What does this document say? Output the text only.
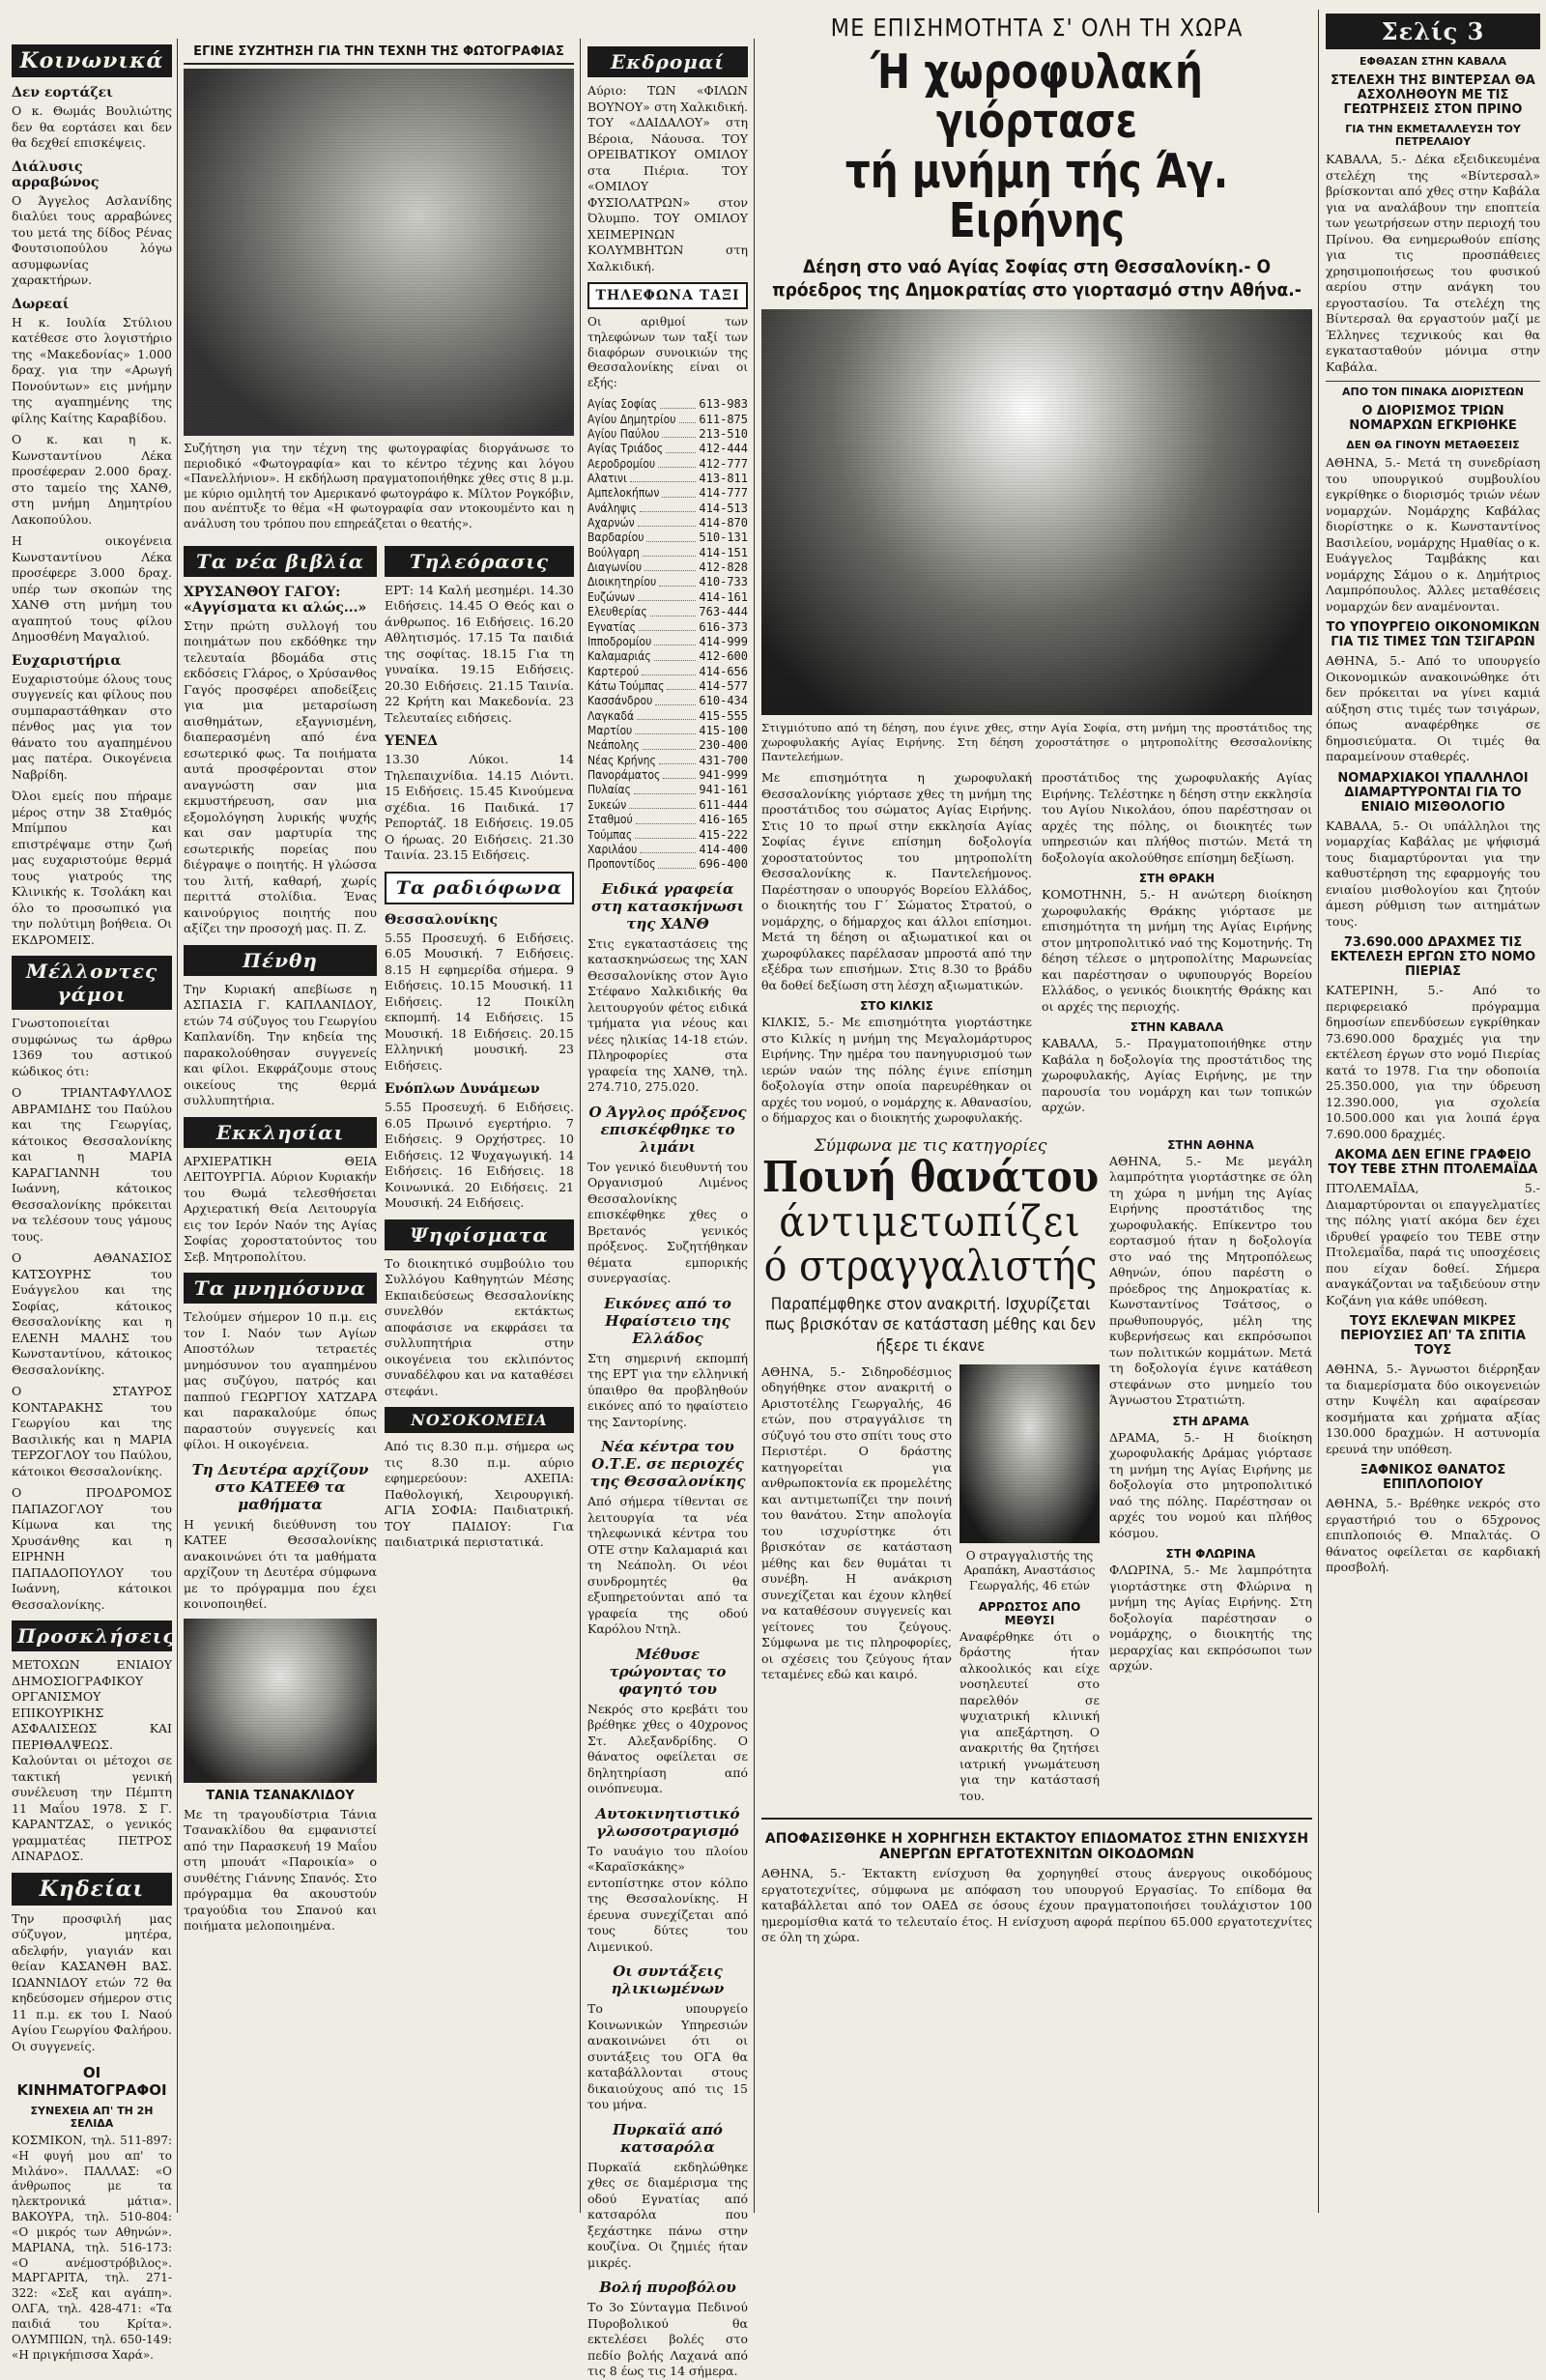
Κοινωνικά
Δεν εορτάζει

Ο κ. Θωμάς Βουλιώτης δεν θα εορτάσει και δεν θα δεχθεί επισκέψεις.

Διάλυσις αρραβώνος

Ο Άγγελος Ασλανίδης διαλύει τους αρραβώνες του μετά της δίδος Ρένας Φουτσιοπούλου λόγω ασυμφωνίας χαρακτήρων.

Δωρεαί

Η κ. Ιουλία Στύλιου κατέθεσε στο λογιστήριο της «Μακεδονίας» 1.000 δραχ. για την «Αρωγή Πονούντων» εις μνήμην της αγαπημένης της φίλης Καίτης Καραβίδου.

Ο κ. και η κ. Κωνσταντίνου Λέκα προσέφεραν 2.000 δραχ. στο ταμείο της ΧΑΝΘ, στη μνήμη Δημητρίου Λακοπούλου.

Η οικογένεια Κωνσταντίνου Λέκα προσέφερε 3.000 δραχ. υπέρ των σκοπών της ΧΑΝΘ στη μνήμη του αγαπητού τους φίλου Δημοσθένη Μαγαλιού.

Ευχαριστήρια

Ευχαριστούμε όλους τους συγγενείς και φίλους που συμπαραστάθηκαν στο πένθος μας για τον θάνατο του αγαπημένου μας πατέρα. Οικογένεια Ναβρίδη.

Όλοι εμείς που πήραμε μέρος στην 38 Σταθμός Μπίμπου και επιστρέψαμε στην ζωή μας ευχαριστούμε θερμά τους γιατρούς της Κλινικής κ. Τσολάκη και όλο το προσωπικό για την πολύτιμη βοήθεια. Οι ΕΚΔΡΟΜΕΙΣ.

Μέλλοντες γάμοι

Γνωστοποιείται συμφώνως τω άρθρω 1369 του αστικού κώδικος ότι:

Ο ΤΡΙΑΝΤΑΦΥΛΛΟΣ ΑΒΡΑΜΙΔΗΣ του Παύλου και της Γεωργίας, κάτοικος Θεσσαλονίκης και η ΜΑΡΙΑ ΚΑΡΑΓΙΑΝΝΗ του Ιωάννη, κάτοικος Θεσσαλονίκης πρόκειται να τελέσουν τους γάμους τους.

Ο ΑΘΑΝΑΣΙΟΣ ΚΑΤΣΟΥΡΗΣ του Ευάγγελου και της Σοφίας, κάτοικος Θεσσαλονίκης και η ΕΛΕΝΗ ΜΑΛΗΣ του Κωνσταντίνου, κάτοικος Θεσσαλονίκης.

Ο ΣΤΑΥΡΟΣ ΚΟΝΤΑΡΑΚΗΣ του Γεωργίου και της Βασιλικής και η ΜΑΡΙΑ ΤΕΡΖΟΓΛΟΥ του Παύλου, κάτοικοι Θεσσαλονίκης.

Ο ΠΡΟΔΡΟΜΟΣ ΠΑΠΑΖΟΓΛΟΥ του Κίμωνα και της Χρυσάνθης και η ΕΙΡΗΝΗ ΠΑΠΑΔΟΠΟΥΛΟΥ του Ιωάννη, κάτοικοι Θεσσαλονίκης.

Προσκλήσεις

ΜΕΤΟΧΩΝ ΕΝΙΑΙΟΥ ΔΗΜΟΣΙΟΓΡΑΦΙΚΟΥ ΟΡΓΑΝΙΣΜΟΥ ΕΠΙΚΟΥΡΙΚΗΣ ΑΣΦΑΛΙΣΕΩΣ ΚΑΙ ΠΕΡΙΘΑΛΨΕΩΣ. Καλούνται οι μέτοχοι σε τακτική γενική συνέλευση την Πέμπτη 11 Μαΐου 1978. Σ Γ. ΚΑΡΑΝΤΖΑΣ, ο γενικός γραμματέας ΠΕΤΡΟΣ ΛΙΝΑΡΔΟΣ.

Κηδείαι

Την προσφιλή μας σύζυγον, μητέρα, αδελφήν, γιαγιάν και θείαν ΚΑΣΑΝΘΗ ΒΑΣ. ΙΩΑΝΝΙΔΟΥ ετών 72 θα κηδεύσομεν σήμερον στις 11 π.μ. εκ του Ι. Ναού Αγίου Γεωργίου Φαλήρου. Οι συγγενείς.

ΟΙ ΚΙΝΗΜΑΤΟΓΡΑΦΟΙ
ΣΥΝΕΧΕΙΑ ΑΠ' ΤΗ 2Η ΣΕΛΙΔΑ

ΚΟΣΜΙΚΟΝ, τηλ. 511-897: «Η φυγή μου απ' το Μιλάνο». ΠΑΛΛΑΣ: «Ο άνθρωπος με τα ηλεκτρονικά μάτια». ΒΑΚΟΥΡΑ, τηλ. 510-804: «Ο μικρός των Αθηνών». ΜΑΡΙΑΝΑ, τηλ. 516-173: «Ο ανέμοστρόβιλος». ΜΑΡΓΑΡΙΤΑ, τηλ. 271-322: «Σεξ και αγάπη». ΟΛΓΑ, τηλ. 428-471: «Τα παιδιά του Κρίτα». ΟΛΥΜΠΙΩΝ, τηλ. 650-149: «Η πριγκήπισσα Χαρά».

ΕΓΙΝΕ ΣΥΖΗΤΗΣΗ ΓΙΑ ΤΗΝ ΤΕΧΝΗ ΤΗΣ ΦΩΤΟΓΡΑΦΙΑΣ

Συζήτηση για την τέχνη της φωτογραφίας διοργάνωσε το περιοδικό «Φωτογραφία» και το κέντρο τέχνης και λόγου «Πανελλήνιον». Η εκδήλωση πραγματοποιήθηκε χθες στις 8 μ.μ. με κύριο ομιλητή τον Αμερικανό φωτογράφο κ. Μίλτον Ρογκόβιν, που ανέπτυξε το θέμα «Η φωτογραφία σαν ντοκουμέντο και η ανάλυση του τρόπου που επηρεάζεται ο θεατής».

Τα νέα βιβλία
ΧΡΥΣΑΝΘΟΥ ΓΑΓΟΥ: «Αγγίσματα κι αλώς...»

Στην πρώτη συλλογή του ποιημάτων που εκδόθηκε την τελευταία βδομάδα στις εκδόσεις Γλάρος, ο Χρύσανθος Γαγός προσφέρει αποδείξεις για μια μεταρσίωση αισθημάτων, εξαγνισμένη, διαπερασμένη από ένα εσωτερικό φως. Τα ποιήματα αυτά προσφέρονται στον αναγνώστη σαν μια εκμυστήρευση, σαν μια εξομολόγηση λυρικής ψυχής και σαν μαρτυρία της εσωτερικής πορείας που διέγραψε ο ποιητής. Η γλώσσα του λιτή, καθαρή, χωρίς περιττά στολίδια. Ένας καινούργιος ποιητής που αξίζει την προσοχή μας. Π. Ζ.

Πένθη

Την Κυριακή απεβίωσε η ΑΣΠΑΣΙΑ Γ. ΚΑΠΛΑΝΙΔΟΥ, ετών 74 σύζυγος του Γεωργίου Καπλανίδη. Την κηδεία της παρακολούθησαν συγγενείς και φίλοι. Εκφράζουμε στους οικείους της θερμά συλλυπητήρια.

Εκκλησίαι

ΑΡΧΙΕΡΑΤΙΚΗ ΘΕΙΑ ΛΕΙΤΟΥΡΓΙΑ. Αύριον Κυριακήν του Θωμά τελεσθήσεται Αρχιερατική Θεία Λειτουργία εις τον Ιερόν Ναόν της Αγίας Σοφίας χοροστατούντος του Σεβ. Μητροπολίτου.

Τα μνημόσυνα

Τελούμεν σήμερον 10 π.μ. εις τον Ι. Ναόν των Αγίων Αποστόλων τετραετές μνημόσυνον του αγαπημένου μας συζύγου, πατρός και παππού ΓΕΩΡΓΙΟΥ ΧΑΤΖΑΡΑ και παρακαλούμε όπως παραστούν συγγενείς και φίλοι. Η οικογένεια.

Τη Δευτέρα αρχίζουν στο ΚΑΤΕΕΘ τα μαθήματα

Η γενική διεύθυνση του ΚΑΤΕΕ Θεσσαλονίκης ανακοινώνει ότι τα μαθήματα αρχίζουν τη Δευτέρα σύμφωνα με το πρόγραμμα που έχει κοινοποιηθεί.

ΤΑΝΙΑ ΤΣΑΝΑΚΛΙΔΟΥ

Με τη τραγουδίστρια Τάνια Τσανακλίδου θα εμφανιστεί από την Παρασκευή 19 Μαΐου στη μπουάτ «Παροικία» ο συνθέτης Γιάννης Σπανός. Στο πρόγραμμα θα ακουστούν τραγούδια του Σπανού και ποιήματα μελοποιημένα.

Τηλεόρασις

ΕΡΤ: 14 Καλή μεσημέρι. 14.30 Ειδήσεις. 14.45 Ο Θεός και ο άνθρωπος. 16 Ειδήσεις. 16.20 Αθλητισμός. 17.15 Τα παιδιά της σοφίτας. 18.15 Για τη γυναίκα. 19.15 Ειδήσεις. 20.30 Ειδήσεις. 21.15 Ταινία. 22 Κρήτη και Μακεδονία. 23 Τελευταίες ειδήσεις.

ΥΕΝΕΔ

13.30 Λύκοι. 14 Τηλεπαιχνίδια. 14.15 Λιόντι. 15 Ειδήσεις. 15.45 Κινούμενα σχέδια. 16 Παιδικά. 17 Ρεπορτάζ. 18 Ειδήσεις. 19.05 Ο ήρωας. 20 Ειδήσεις. 21.30 Ταινία. 23.15 Ειδήσεις.

Τα ραδιόφωνα
Θεσσαλονίκης

5.55 Προσευχή. 6 Ειδήσεις. 6.05 Μουσική. 7 Ειδήσεις. 8.15 Η εφημερίδα σήμερα. 9 Ειδήσεις. 10.15 Μουσική. 11 Ειδήσεις. 12 Ποικίλη εκπομπή. 14 Ειδήσεις. 15 Μουσική. 18 Ειδήσεις. 20.15 Ελληνική μουσική. 23 Ειδήσεις.

Ενόπλων Δυνάμεων

5.55 Προσευχή. 6 Ειδήσεις. 6.05 Πρωινό εγερτήριο. 7 Ειδήσεις. 9 Ορχήστρες. 10 Ειδήσεις. 12 Ψυχαγωγική. 14 Ειδήσεις. 16 Ειδήσεις. 18 Κοινωνικά. 20 Ειδήσεις. 21 Μουσική. 24 Ειδήσεις.

Ψηφίσματα

Το διοικητικό συμβούλιο του Συλλόγου Καθηγητών Μέσης Εκπαιδεύσεως Θεσσαλονίκης συνελθόν εκτάκτως αποφάσισε να εκφράσει τα συλλυπητήρια στην οικογένεια του εκλιπόντος συναδέλφου και να καταθέσει στεφάνι.

ΝΟΣΟΚΟΜΕΙΑ

Από τις 8.30 π.μ. σήμερα ως τις 8.30 π.μ. αύριο εφημερεύουν: ΑΧΕΠΑ: Παθολογική, Χειρουργική. ΑΓΙΑ ΣΟΦΙΑ: Παιδιατρική. ΤΟΥ ΠΑΙΔΙΟΥ: Για παιδιατρικά περιστατικά.

Εκδρομαί

Αύριο: ΤΩΝ «ΦΙΛΩΝ ΒΟΥΝΟΥ» στη Χαλκιδική. ΤΟΥ «ΔΑΙΔΑΛΟΥ» στη Βέροια, Νάουσα. ΤΟΥ ΟΡΕΙΒΑΤΙΚΟΥ ΟΜΙΛΟΥ στα Πιέρια. ΤΟΥ «ΟΜΙΛΟΥ ΦΥΣΙΟΛΑΤΡΩΝ» στον Όλυμπο. ΤΟΥ ΟΜΙΛΟΥ ΧΕΙΜΕΡΙΝΩΝ ΚΟΛΥΜΒΗΤΩΝ στη Χαλκιδική.

ΤΗΛΕΦΩΝΑ ΤΑΞΙ

Οι αριθμοί των τηλεφώνων των ταξί των διαφόρων συνοικιών της Θεσσαλονίκης είναι οι εξής:

Αγίας Σοφίας	613-983
Αγίου Δημητρίου 611-875
Αγίου Παύλου	213-510
Αγίας Τριάδος	412-444
Αεροδρομίου	412-777
Αλατινι	413-811
Αμπελοκήπων	414-777
Ανάληψις	414-513
Αχαρνών	414-870
Βαρδαρίου	510-131
Βούλγαρη	414-151
Διαγωνίου	412-828
Διοικητηρίου	410-733
Ευζώνων	414-161
Ελευθερίας	763-444
Εγνατίας	616-373
Ιπποδρομίου	414-999
Καλαμαριάς	412-600
Καρτερού	414-656
Κάτω Τούμπας	414-577
Κασσάνδρου	610-434
Λαγκαδά	415-555
Μαρτίου	415-100
Νεάπολης	230-400
Νέας Κρήνης	431-700
Πανοράματος	941-999
Πυλαίας	941-161
Συκεών	611-444
Σταθμού	416-165
Τούμπας	415-222
Χαριλάου	414-400
Προποντίδος	696-400
Ειδικά γραφεία στη κατασκήνωσι της ΧΑΝΘ

Στις εγκαταστάσεις της κατασκηνώσεως της ΧΑΝ Θεσσαλονίκης στον Άγιο Στέφανο Χαλκιδικής θα λειτουργούν φέτος ειδικά τμήματα για νέους και νέες ηλικίας 14-18 ετών. Πληροφορίες στα γραφεία της ΧΑΝΘ, τηλ. 274.710, 275.020.

Ο Άγγλος πρόξενος επισκέφθηκε το λιμάνι

Τον γενικό διευθυντή του Οργανισμού Λιμένος Θεσσαλονίκης επισκέφθηκε χθες ο Βρετανός γενικός πρόξενος. Συζητήθηκαν θέματα εμπορικής συνεργασίας.

Εικόνες από το Ηφαίστειο της Ελλάδος

Στη σημερινή εκπομπή της ΕΡΤ για την ελληνική ύπαιθρο θα προβληθούν εικόνες από το ηφαίστειο της Σαντορίνης.

Νέα κέντρα του Ο.Τ.Ε. σε περιοχές της Θεσσαλονίκης

Από σήμερα τίθενται σε λειτουργία τα νέα τηλεφωνικά κέντρα του ΟΤΕ στην Καλαμαριά και τη Νεάπολη. Οι νέοι συνδρομητές θα εξυπηρετούνται από τα γραφεία της οδού Καρόλου Ντηλ.

Μέθυσε τρώγοντας το φαγητό του

Νεκρός στο κρεβάτι του βρέθηκε χθες ο 40χρονος Στ. Αλεξανδρίδης. Ο θάνατος οφείλεται σε δηλητηρίαση από οινόπνευμα.

Αυτοκινητιστικό γλωσσοτραγισμό

Το ναυάγιο του πλοίου «Καραϊσκάκης» εντοπίστηκε στον κόλπο της Θεσσαλονίκης. Η έρευνα συνεχίζεται από τους δύτες του Λιμενικού.

Οι συντάξεις ηλικιωμένων

Το υπουργείο Κοινωνικών Υπηρεσιών ανακοινώνει ότι οι συντάξεις του ΟΓΑ θα καταβάλλονται στους δικαιούχους από τις 15 του μήνα.

Πυρκαϊά από κατσαρόλα

Πυρκαϊά εκδηλώθηκε χθες σε διαμέρισμα της οδού Εγνατίας από κατσαρόλα που ξεχάστηκε πάνω στην κουζίνα. Οι ζημιές ήταν μικρές.

Βολή πυροβόλου

Το 3ο Σύνταγμα Πεδινού Πυροβολικού θα εκτελέσει βολές στο πεδίο βολής Λαχανά από τις 8 έως τις 14 σήμερα.

ΜΕ ΕΠΙΣΗΜΟΤΗΤΑ Σ' ΟΛΗ ΤΗ ΧΩΡΑ
Ή χωροφυλακή γιόρτασε
τή μνήμη τής Άγ. Ειρήνης
Δέηση στο ναό Αγίας Σοφίας στη Θεσσαλονίκη.- Ο πρόεδρος της Δημοκρατίας στο γιορτασμό στην Αθήνα.-

Στιγμιότυπο από τη δέηση, που έγινε χθες, στην Αγία Σοφία, στη μνήμη της προστάτιδος της χωροφυλακής Αγίας Ειρήνης. Στη δέηση χοροστάτησε ο μητροπολίτης Θεσσαλονίκης Παντελεήμων.

Με επισημότητα η χωροφυλακή Θεσσαλονίκης γιόρτασε χθες τη μνήμη της προστάτιδος του σώματος Αγίας Ειρήνης. Στις 10 το πρωί στην εκκλησία Αγίας Σοφίας έγινε επίσημη δοξολογία χοροστατούντος του μητροπολίτη Θεσσαλονίκης κ. Παντελεήμονος. Παρέστησαν ο υπουργός Βορείου Ελλάδος, ο διοικητής του Γ΄ Σώματος Στρατού, ο νομάρχης, ο δήμαρχος και άλλοι επίσημοι. Μετά τη δέηση οι αξιωματικοί και οι χωροφύλακες παρέλασαν μπροστά από την εξέδρα των επισήμων. Στις 8.30 το βράδυ θα δοθεί δεξίωση στη λέσχη αξιωματικών.

ΣΤΟ ΚΙΛΚΙΣ

ΚΙΛΚΙΣ, 5.- Με επισημότητα γιορτάστηκε στο Κιλκίς η μνήμη της Μεγαλομάρτυρος Ειρήνης. Την ημέρα του πανηγυρισμού των ιερών ναών της πόλης έγινε επίσημη δοξολογία στην οποία παρευρέθηκαν οι αρχές του νομού, ο νομάρχης κ. Αθανασίου, ο δήμαρχος και ο διοικητής χωροφυλακής.

προστάτιδος της χωροφυλακής Αγίας Ειρήνης. Τελέστηκε η δέηση στην εκκλησία του Αγίου Νικολάου, όπου παρέστησαν οι αρχές της πόλης, οι διοικητές των υπηρεσιών και πλήθος πιστών. Μετά τη δοξολογία ακολούθησε επίσημη δεξίωση.

ΣΤΗ ΘΡΑΚΗ

ΚΟΜΟΤΗΝΗ, 5.- Η ανώτερη διοίκηση χωροφυλακής Θράκης γιόρτασε με επισημότητα τη μνήμη της Αγίας Ειρήνης στον μητροπολιτικό ναό της Κομοτηνής. Τη δέηση τέλεσε ο μητροπολίτης Μαρωνείας και παρέστησαν ο υφυπουργός Βορείου Ελλάδος, ο γενικός διοικητής Θράκης και οι αρχές της περιοχής.

ΣΤΗΝ ΚΑΒΑΛΑ

ΚΑΒΑΛΑ, 5.- Πραγματοποιήθηκε στην Καβάλα η δοξολογία της προστάτιδος της χωροφυλακής, Αγίας Ειρήνης, με την παρουσία του νομάρχη και των τοπικών αρχών.

Σύμφωνα με τις κατηγορίες
Ποινή θανάτου
άντιμετωπίζει
ό στραγγαλιστής
Παραπέμφθηκε στον ανακριτή. Ισχυρίζεται πως βρισκόταν σε κατάσταση μέθης και δεν ήξερε τι έκανε

ΑΘΗΝΑ, 5.- Σιδηροδέσμιος οδηγήθηκε στον ανακριτή ο Αριστοτέλης Γεωργαλής, 46 ετών, που στραγγάλισε τη σύζυγό του στο σπίτι τους στο Περιστέρι. Ο δράστης κατηγορείται για ανθρωποκτονία εκ προμελέτης και αντιμετωπίζει την ποινή του θανάτου. Στην απολογία του ισχυρίστηκε ότι βρισκόταν σε κατάσταση μέθης και δεν θυμάται τι συνέβη. Η ανάκριση συνεχίζεται και έχουν κληθεί να καταθέσουν συγγενείς και γείτονες του ζεύγους. Σύμφωνα με τις πληροφορίες, οι σχέσεις του ζεύγους ήταν τεταμένες εδώ και καιρό.

Ο στραγγαλιστής της Αραπάκη, Αναστάσιος Γεωργαλής, 46 ετών

ΑΡΡΩΣΤΟΣ ΑΠΟ ΜΕΘΥΣΙ

Αναφέρθηκε ότι ο δράστης ήταν αλκοολικός και είχε νοσηλευτεί στο παρελθόν σε ψυχιατρική κλινική για απεξάρτηση. Ο ανακριτής θα ζητήσει ιατρική γνωμάτευση για την κατάστασή του.

ΣΤΗΝ ΑΘΗΝΑ

ΑΘΗΝΑ, 5.- Με μεγάλη λαμπρότητα γιορτάστηκε σε όλη τη χώρα η μνήμη της Αγίας Ειρήνης προστάτιδος της χωροφυλακής. Επίκεντρο του εορτασμού ήταν η δοξολογία στο ναό της Μητροπόλεως Αθηνών, όπου παρέστη ο πρόεδρος της Δημοκρατίας κ. Κωνσταντίνος Τσάτσος, ο πρωθυπουργός, μέλη της κυβερνήσεως και εκπρόσωποι των πολιτικών κομμάτων. Μετά τη δοξολογία έγινε κατάθεση στεφάνων στο μνημείο του Άγνωστου Στρατιώτη.

ΣΤΗ ΔΡΑΜΑ

ΔΡΑΜΑ, 5.- Η διοίκηση χωροφυλακής Δράμας γιόρτασε τη μνήμη της Αγίας Ειρήνης με δοξολογία στο μητροπολιτικό ναό της πόλης. Παρέστησαν οι αρχές του νομού και πλήθος κόσμου.

ΣΤΗ ΦΛΩΡΙΝΑ

ΦΛΩΡΙΝΑ, 5.- Με λαμπρότητα γιορτάστηκε στη Φλώρινα η μνήμη της Αγίας Ειρήνης. Στη δοξολογία παρέστησαν ο νομάρχης, ο διοικητής της μεραρχίας και εκπρόσωποι των αρχών.

ΑΠΟΦΑΣΙΣΘΗΚΕ Η ΧΟΡΗΓΗΣΗ ΕΚΤΑΚΤΟΥ ΕΠΙΔΟΜΑΤΟΣ ΣΤΗΝ ΕΝΙΣΧΥΣΗ ΑΝΕΡΓΩΝ ΕΡΓΑΤΟΤΕΧΝΙΤΩΝ ΟΙΚΟΔΟΜΩΝ

ΑΘΗΝΑ, 5.- Έκτακτη ενίσχυση θα χορηγηθεί στους άνεργους οικοδόμους εργατοτεχνίτες, σύμφωνα με απόφαση του υπουργού Εργασίας. Το επίδομα θα καταβάλλεται από τον ΟΑΕΔ σε όσους έχουν πραγματοποιήσει τουλάχιστον 100 ημερομίσθια κατά το τελευταίο έτος. Η ενίσχυση αφορά περίπου 65.000 εργατοτεχνίτες σε όλη τη χώρα.

Σελίς 3
ΕΦΘΑΣΑΝ ΣΤΗΝ ΚΑΒΑΛΑ
ΣΤΕΛΕΧΗ ΤΗΣ ΒΙΝΤΕΡΣΑΛ ΘΑ ΑΣΧΟΛΗΘΟΥΝ ΜΕ ΤΙΣ ΓΕΩΤΡΗΣΕΙΣ ΣΤΟΝ ΠΡΙΝΟ
ΓΙΑ ΤΗΝ ΕΚΜΕΤΑΛΛΕΥΣΗ ΤΟΥ ΠΕΤΡΕΛΑΙΟΥ

ΚΑΒΑΛΑ, 5.- Δέκα εξειδικευμένα στελέχη της «Βίντερσαλ» βρίσκονται από χθες στην Καβάλα για να αναλάβουν την εποπτεία των γεωτρήσεων στην περιοχή του Πρίνου. Θα ενημερωθούν επίσης για τις προσπάθειες χρησιμοποιήσεως του φυσικού αερίου στην ανάγκη του εργοστασίου. Τα στελέχη της Βίντερσαλ θα εργαστούν μαζί με Έλληνες τεχνικούς και θα εγκατασταθούν μόνιμα στην Καβάλα.

ΑΠΟ ΤΟΝ ΠΙΝΑΚΑ ΔΙΟΡΙΣΤΕΩΝ
Ο ΔΙΟΡΙΣΜΟΣ ΤΡΙΩΝ ΝΟΜΑΡΧΩΝ ΕΓΚΡΙΘΗΚΕ
ΔΕΝ ΘΑ ΓΙΝΟΥΝ ΜΕΤΑΘΕΣΕΙΣ

ΑΘΗΝΑ, 5.- Μετά τη συνεδρίαση του υπουργικού συμβουλίου εγκρίθηκε ο διορισμός τριών νέων νομαρχών. Νομάρχης Καβάλας διορίστηκε ο κ. Κωνσταντίνος Βασιλείου, νομάρχης Ημαθίας ο κ. Ευάγγελος Ταμβάκης και νομάρχης Σάμου ο κ. Δημήτριος Λαμπρόπουλος. Άλλες μεταθέσεις νομαρχών δεν αναμένονται.

ΤΟ ΥΠΟΥΡΓΕΙΟ ΟΙΚΟΝΟΜΙΚΩΝ ΓΙΑ ΤΙΣ ΤΙΜΕΣ ΤΩΝ ΤΣΙΓΑΡΩΝ

ΑΘΗΝΑ, 5.- Από το υπουργείο Οικονομικών ανακοινώθηκε ότι δεν πρόκειται να γίνει καμιά αύξηση στις τιμές των τσιγάρων, όπως αναφέρθηκε σε δημοσιεύματα. Οι τιμές θα παραμείνουν σταθερές.

ΝΟΜΑΡΧΙΑΚΟΙ ΥΠΑΛΛΗΛΟΙ ΔΙΑΜΑΡΤΥΡΟΝΤΑΙ ΓΙΑ ΤΟ ΕΝΙΑΙΟ ΜΙΣΘΟΛΟΓΙΟ

ΚΑΒΑΛΑ, 5.- Οι υπάλληλοι της νομαρχίας Καβάλας με ψήφισμά τους διαμαρτύρονται για την καθυστέρηση της εφαρμογής του ενιαίου μισθολογίου και ζητούν άμεση ρύθμιση των αιτημάτων τους.

73.690.000 ΔΡΑΧΜΕΣ ΤΙΣ ΕΚΤΕΛΕΣΗ ΕΡΓΩΝ ΣΤΟ ΝΟΜΟ ΠΙΕΡΙΑΣ

ΚΑΤΕΡΙΝΗ, 5.- Από το περιφερειακό πρόγραμμα δημοσίων επενδύσεων εγκρίθηκαν 73.690.000 δραχμές για την εκτέλεση έργων στο νομό Πιερίας κατά το 1978. Για την οδοποιία 25.350.000, για την ύδρευση 12.390.000, για σχολεία 10.500.000 και για λοιπά έργα 7.690.000 δραχμές.

ΑΚΟΜΑ ΔΕΝ ΕΓΙΝΕ ΓΡΑΦΕΙΟ ΤΟΥ ΤΕΒΕ ΣΤΗΝ ΠΤΟΛΕΜΑΪΔΑ

ΠΤΟΛΕΜΑΪΔΑ, 5.- Διαμαρτύρονται οι επαγγελματίες της πόλης γιατί ακόμα δεν έχει ιδρυθεί γραφείο του ΤΕΒΕ στην Πτολεμαΐδα, παρά τις υποσχέσεις που είχαν δοθεί. Σήμερα αναγκάζονται να ταξιδεύουν στην Κοζάνη για κάθε υπόθεση.

ΤΟΥΣ ΕΚΛΕΨΑΝ ΜΙΚΡΕΣ ΠΕΡΙΟΥΣΙΕΣ ΑΠ' ΤΑ ΣΠΙΤΙΑ ΤΟΥΣ

ΑΘΗΝΑ, 5.- Άγνωστοι διέρρηξαν τα διαμερίσματα δύο οικογενειών στην Κυψέλη και αφαίρεσαν κοσμήματα και χρήματα αξίας 130.000 δραχμών. Η αστυνομία ερευνά την υπόθεση.

ΞΑΦΝΙΚΟΣ ΘΑΝΑΤΟΣ ΕΠΙΠΛΟΠΟΙΟΥ

ΑΘΗΝΑ, 5.- Βρέθηκε νεκρός στο εργαστήριό του ο 65χρονος επιπλοποιός Θ. Μπαλτάς. Ο θάνατος οφείλεται σε καρδιακή προσβολή.
